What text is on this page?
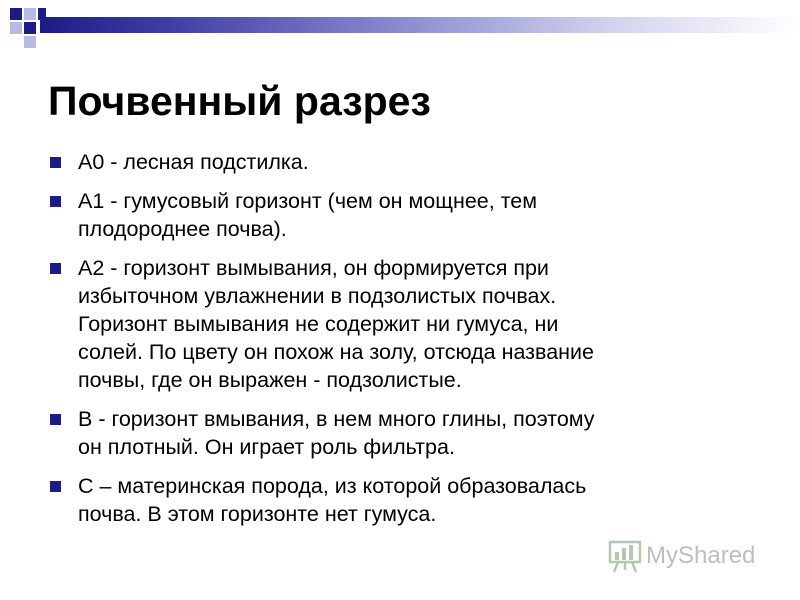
Почвенный разрез
А0 - лесная подстилка.
А1 - гумусовый горизонт (чем он мощнее, тем
плодороднее почва).
А2 - горизонт вымывания, он формируется при
избыточном увлажнении в подзолистых почвах.
Горизонт вымывания не содержит ни гумуса, ни
солей. По цвету он похож на золу, отсюда название
почвы, где он выражен - подзолистые.
В - горизонт вмывания, в нем много глины, поэтому
он плотный. Он играет роль фильтра.
С – материнская порода, из которой образовалась
почва. В этом горизонте нет гумуса.
MyShared
